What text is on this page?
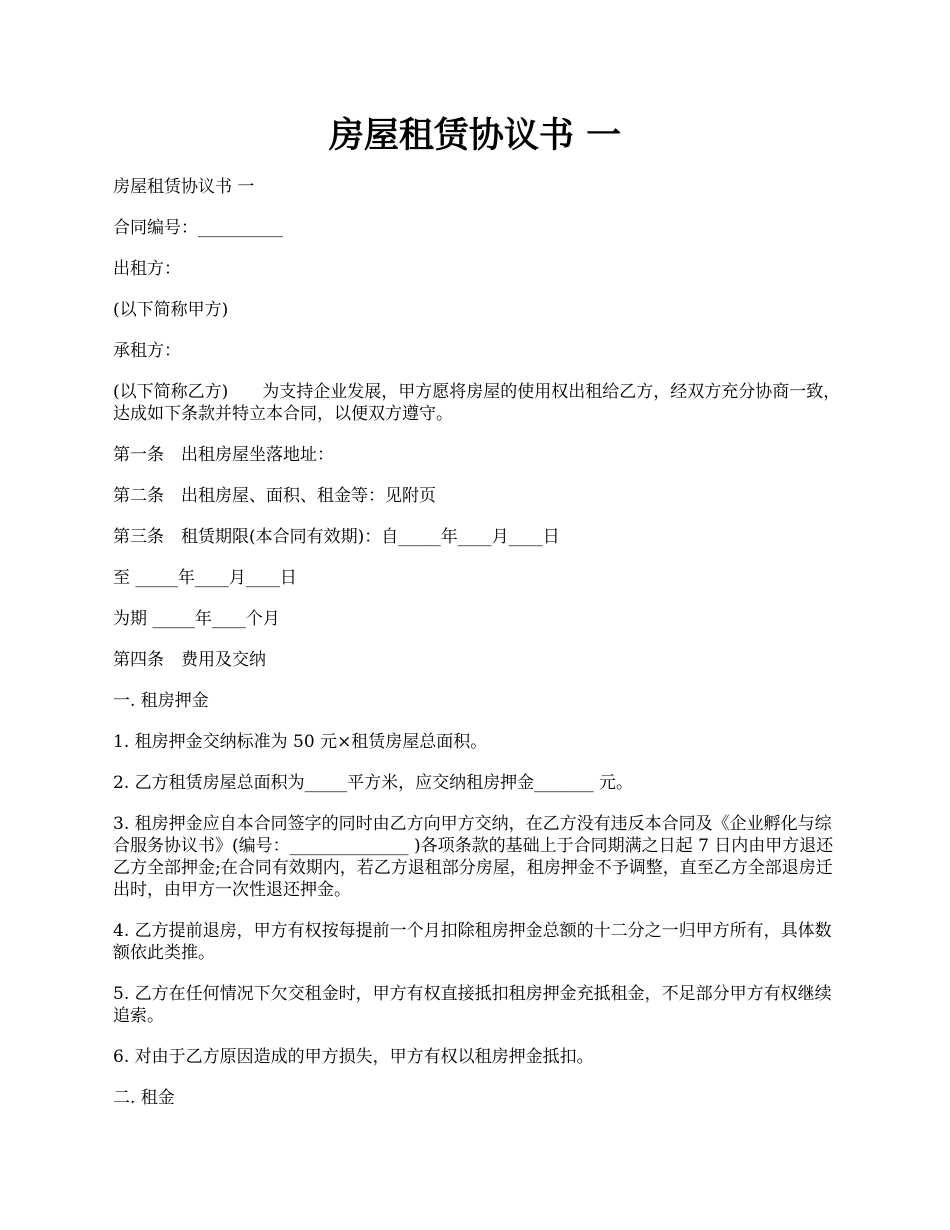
房屋租赁协议书 一

房屋租赁协议书 一

合同编号：__________

出租方：

(以下简称甲方)

承租方：

(以下简称乙方)　　为支持企业发展，甲方愿将房屋的使用权出租给乙方，经双方充分协商一致，达成如下条款并特立本合同，以便双方遵守。

第一条　出租房屋坐落地址：

第二条　出租房屋、面积、租金等：见附页

第三条　租赁期限(本合同有效期)：自_____年____月____日

至 _____年____月____日

为期 _____年____个月

第四条　费用及交纳

一. 租房押金

1. 租房押金交纳标准为 50 元×租赁房屋总面积。

2. 乙方租赁房屋总面积为_____平方米，应交纳租房押金_______ 元。

3. 租房押金应自本合同签字的同时由乙方向甲方交纳，在乙方没有违反本合同及《企业孵化与综合服务协议书》(编号：______________ )各项条款的基础上于合同期满之日起 7 日内由甲方退还乙方全部押金;在合同有效期内，若乙方退租部分房屋，租房押金不予调整，直至乙方全部退房迁出时，由甲方一次性退还押金。

4. 乙方提前退房，甲方有权按每提前一个月扣除租房押金总额的十二分之一归甲方所有，具体数额依此类推。

5. 乙方在任何情况下欠交租金时，甲方有权直接抵扣租房押金充抵租金，不足部分甲方有权继续追索。

6. 对由于乙方原因造成的甲方损失，甲方有权以租房押金抵扣。

二. 租金
